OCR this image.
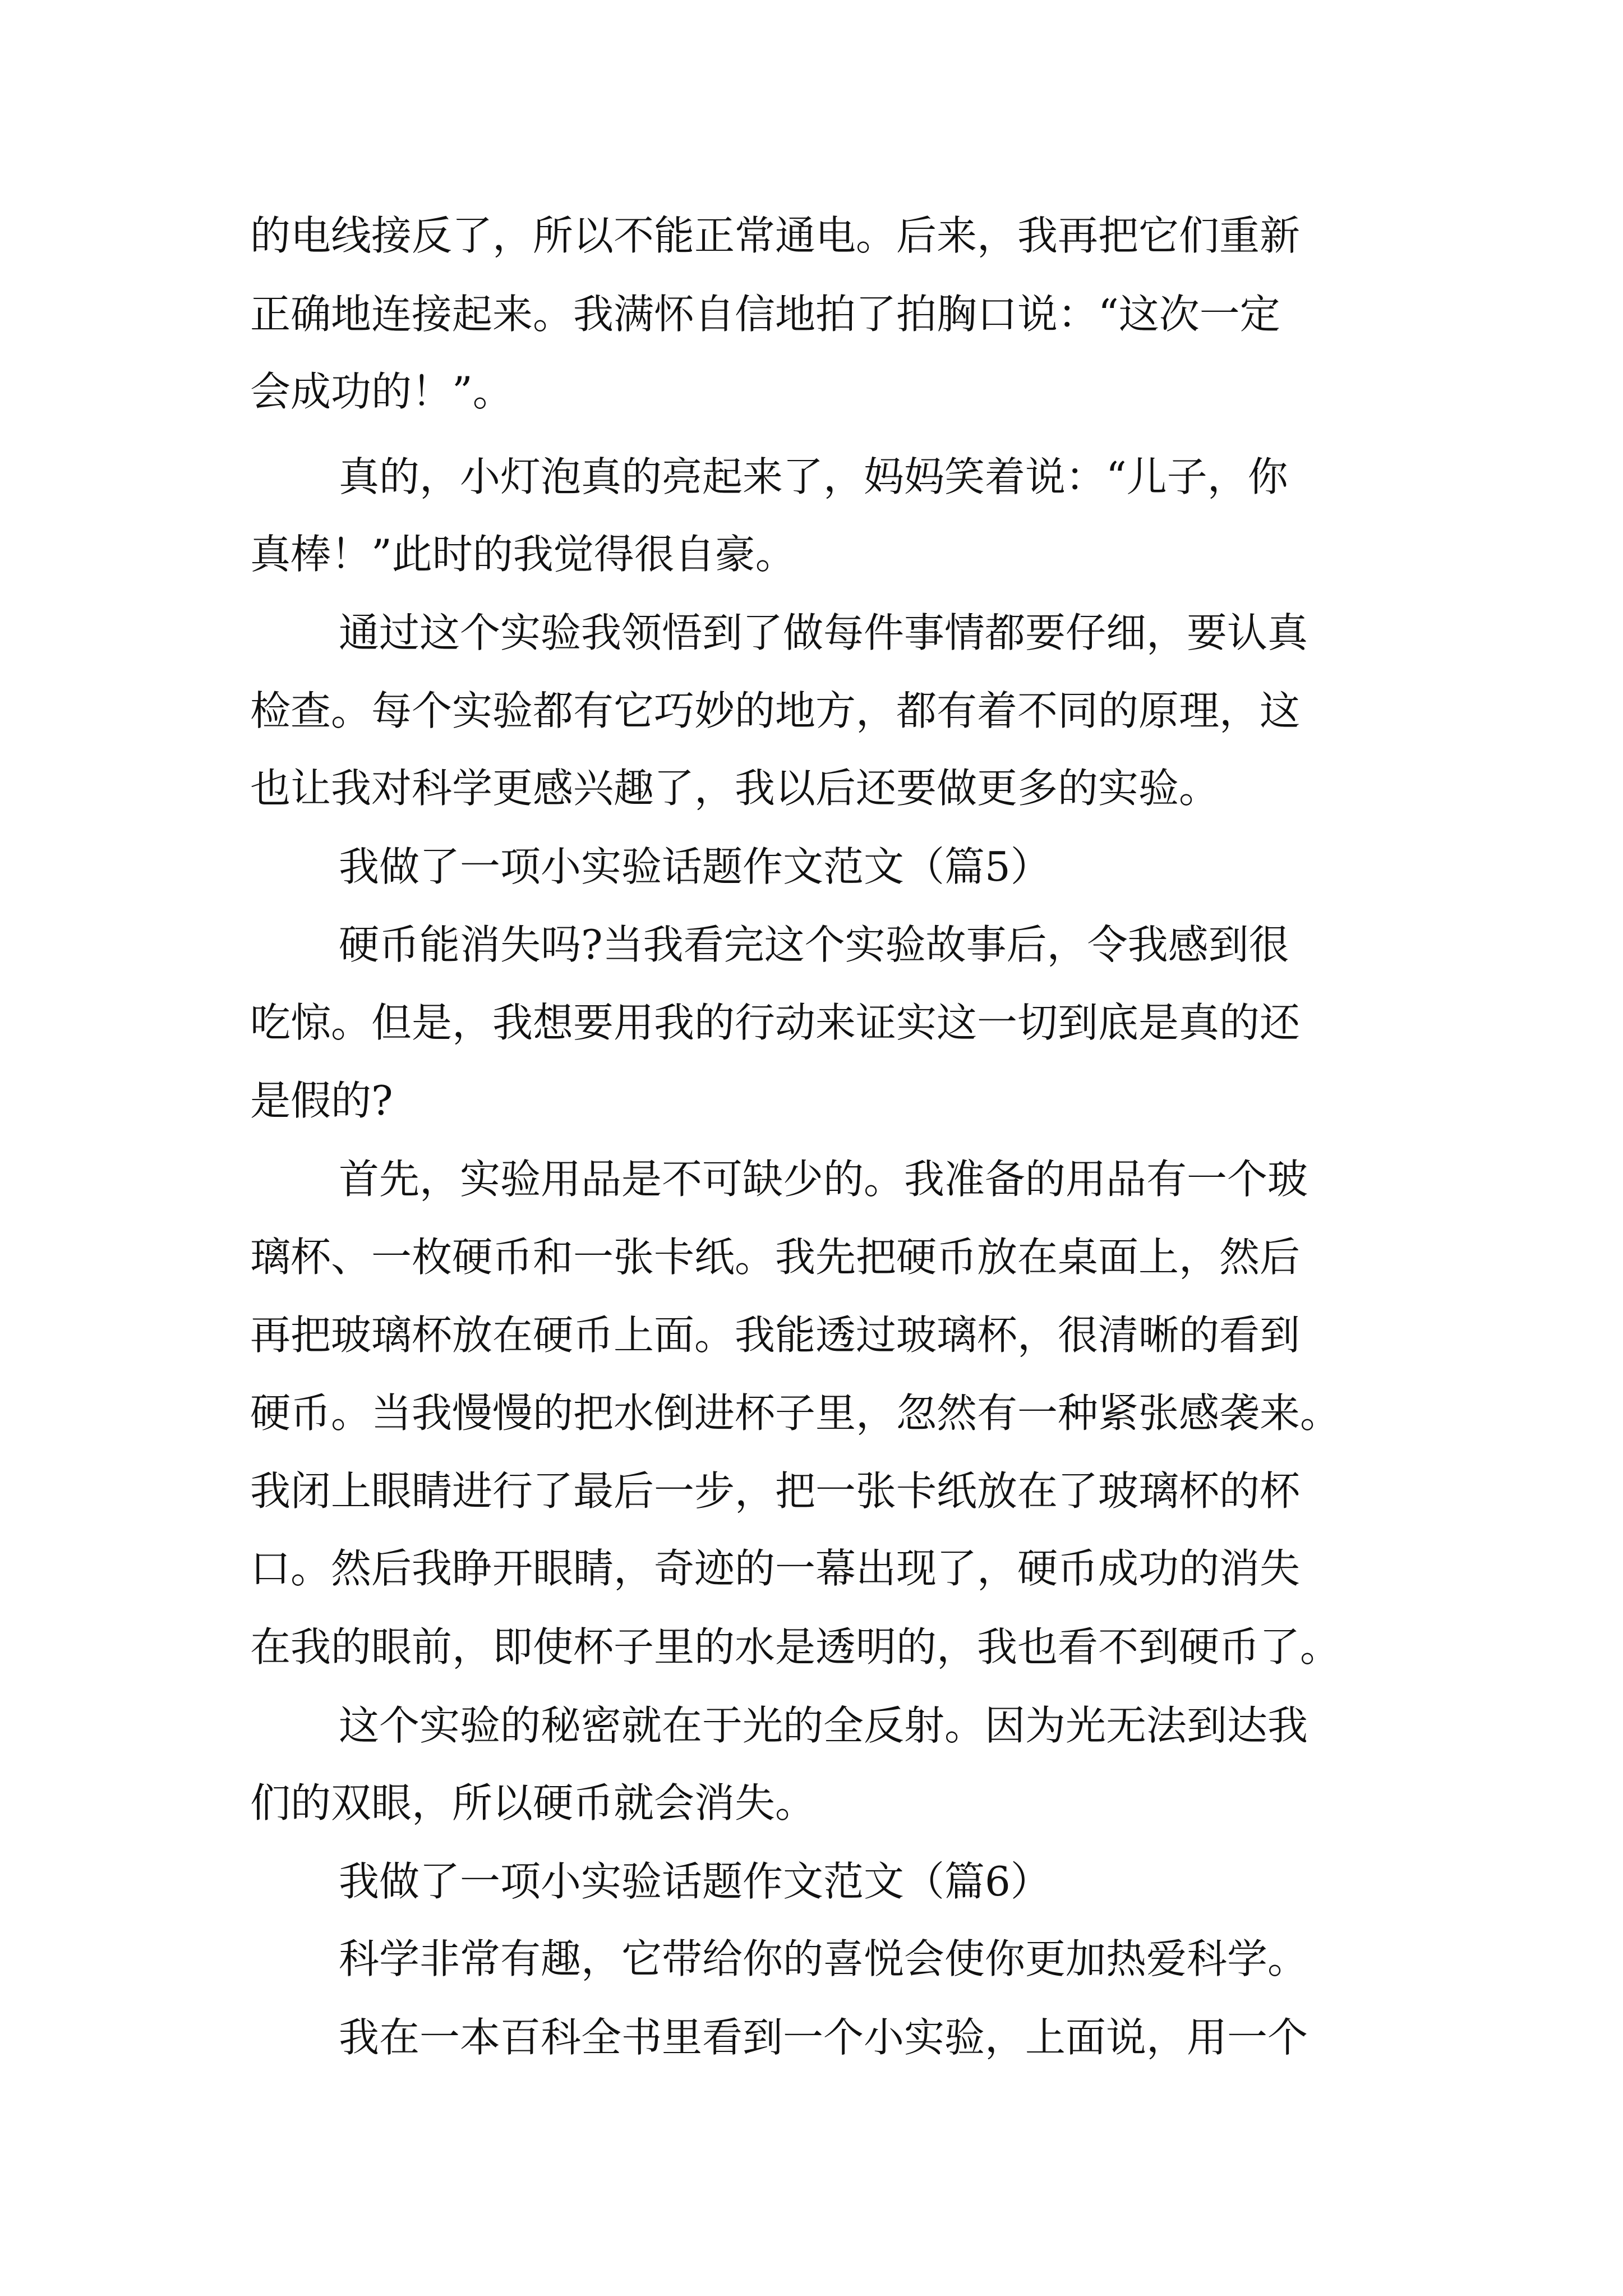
的电线接反了，所以不能正常通电。后来，我再把它们重新
正确地连接起来。我满怀自信地拍了拍胸口说：“这次一定
会成功的！”。
真的，小灯泡真的亮起来了，妈妈笑着说：“儿子，你
真棒！”此时的我觉得很自豪。
通过这个实验我领悟到了做每件事情都要仔细，要认真
检查。每个实验都有它巧妙的地方，都有着不同的原理，这
也让我对科学更感兴趣了，我以后还要做更多的实验。
我做了一项小实验话题作文范文（篇5）
硬币能消失吗?当我看完这个实验故事后，令我感到很
吃惊。但是，我想要用我的行动来证实这一切到底是真的还
是假的?
首先，实验用品是不可缺少的。我准备的用品有一个玻
璃杯、一枚硬币和一张卡纸。我先把硬币放在桌面上，然后
再把玻璃杯放在硬币上面。我能透过玻璃杯，很清晰的看到
硬币。当我慢慢的把水倒进杯子里，忽然有一种紧张感袭来。
我闭上眼睛进行了最后一步，把一张卡纸放在了玻璃杯的杯
口。然后我睁开眼睛，奇迹的一幕出现了，硬币成功的消失
在我的眼前，即使杯子里的水是透明的，我也看不到硬币了。
这个实验的秘密就在于光的全反射。因为光无法到达我
们的双眼，所以硬币就会消失。
我做了一项小实验话题作文范文（篇6）
科学非常有趣，它带给你的喜悦会使你更加热爱科学。
我在一本百科全书里看到一个小实验，上面说，用一个
